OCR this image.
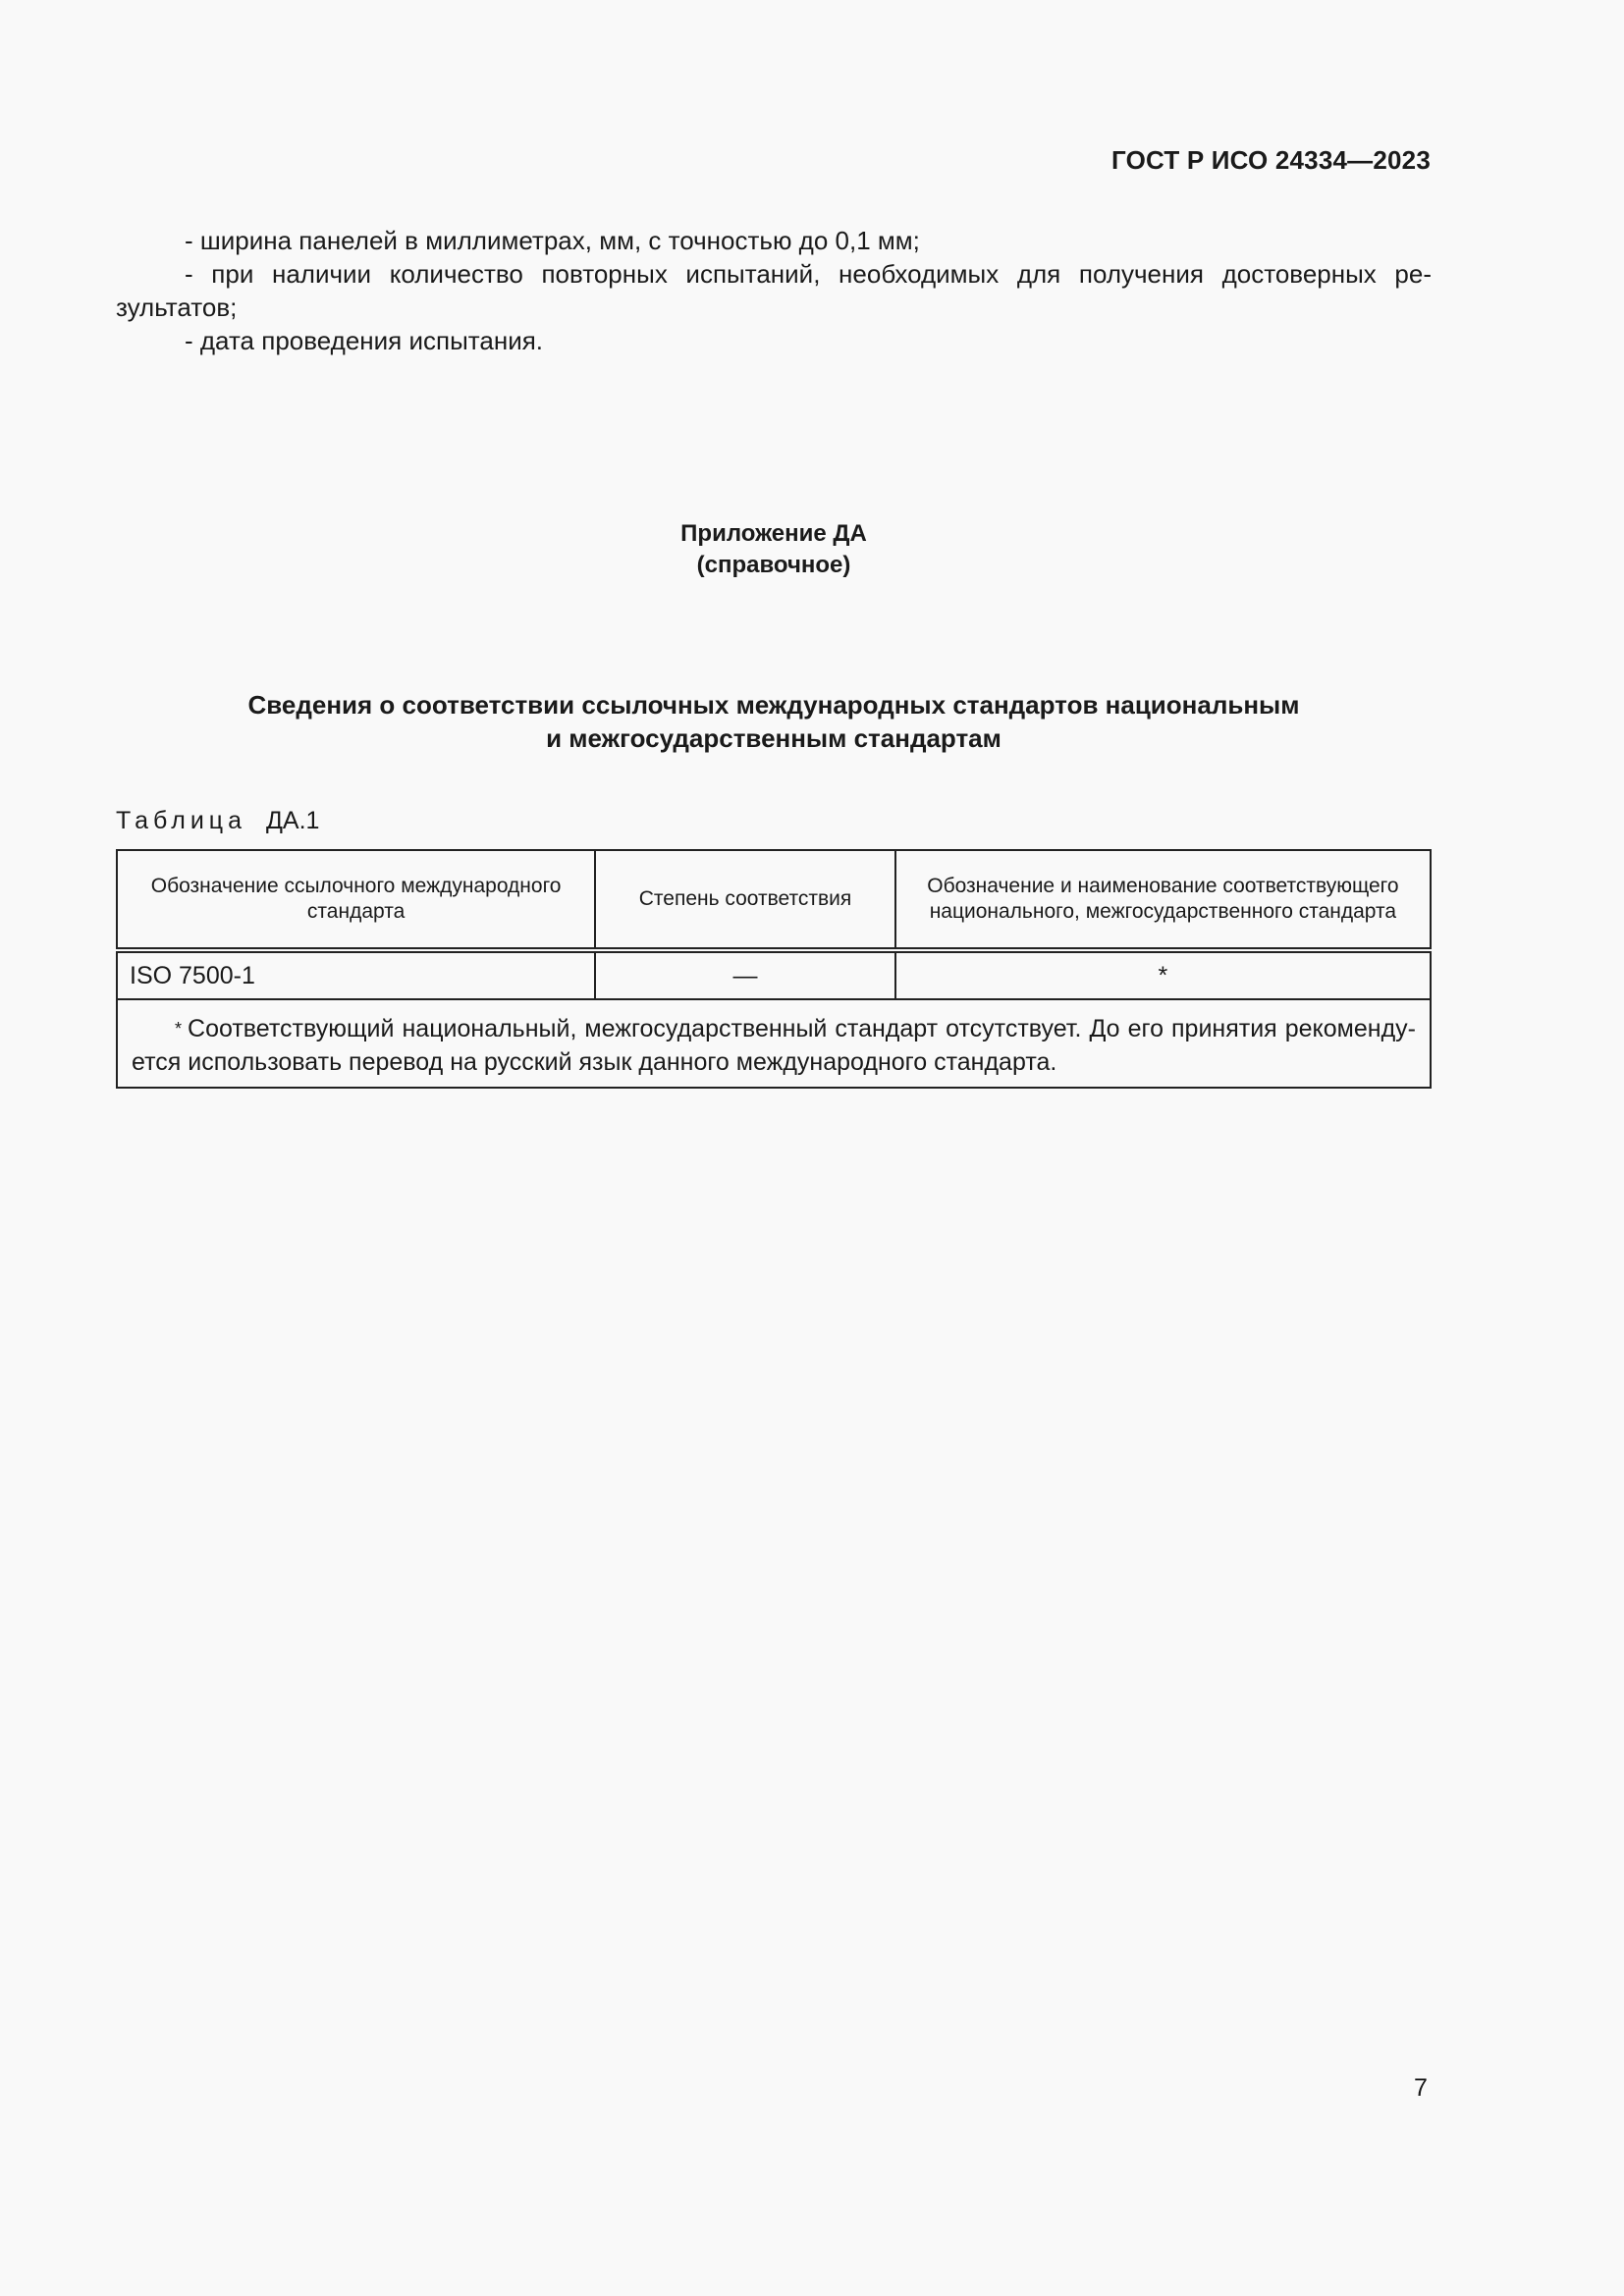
ГОСТ Р ИСО 24334—2023

- ширина панелей в миллиметрах, мм, с точностью до 0,1 мм;

- при наличии количество повторных испытаний, необходимых для получения достоверных ре-

зультатов;

- дата проведения испытания.

Приложение ДА
(справочное)
Сведения о соответствии ссылочных международных стандартов национальным
и межгосударственным стандартам
Таблица ДА.1
Обозначение ссылочного международного стандарта	Степень соответствия	Обозначение и наименование соответствующего национального, межгосударственного стандарта
ISO 7500-1	—	*

* Соответствующий национальный, межгосударственный стандарт отсутствует. До его принятия рекоменду-
ется использовать перевод на русский язык данного международного стандарта.		
7
